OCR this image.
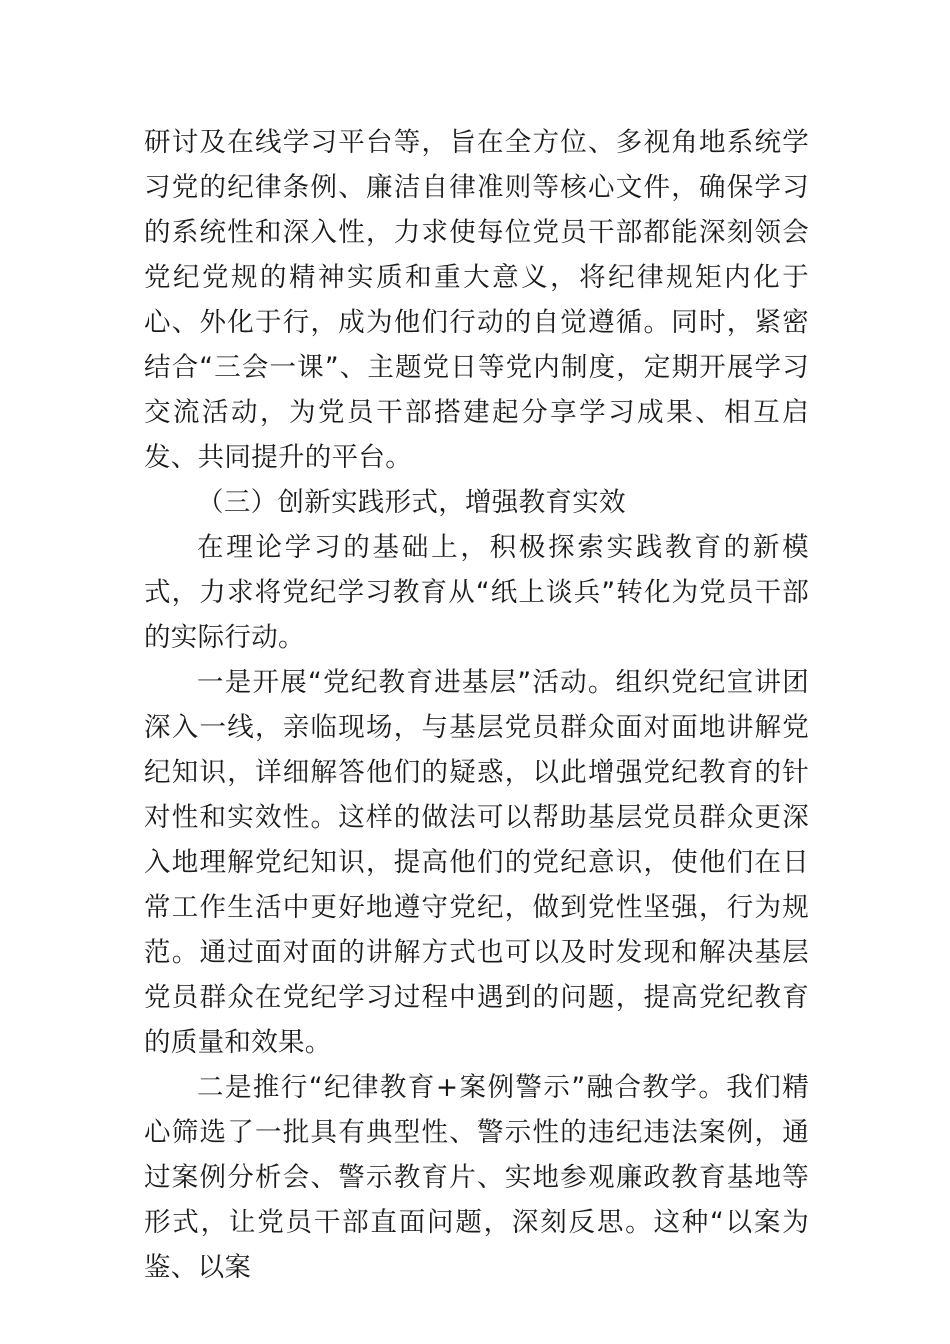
研讨及在线学习平台等，旨在全方位、多视角地系统学习党的纪律条例、廉洁自律准则等核心文件，确保学习的系统性和深入性，力求使每位党员干部都能深刻领会党纪党规的精神实质和重大意义，将纪律规矩内化于心、外化于行，成为他们行动的自觉遵循。同时，紧密结合“三会一课”、主题党日等党内制度，定期开展学习交流活动，为党员干部搭建起分享学习成果、相互启发、共同提升的平台。

（三）创新实践形式，增强教育实效

在理论学习的基础上，积极探索实践教育的新模式，力求将党纪学习教育从“纸上谈兵”转化为党员干部的实际行动。

一是开展“党纪教育进基层”活动。组织党纪宣讲团深入一线，亲临现场，与基层党员群众面对面地讲解党纪知识，详细解答他们的疑惑，以此增强党纪教育的针对性和实效性。这样的做法可以帮助基层党员群众更深入地理解党纪知识，提高他们的党纪意识，使他们在日常工作生活中更好地遵守党纪，做到党性坚强，行为规范。通过面对面的讲解方式也可以及时发现和解决基层党员群众在党纪学习过程中遇到的问题，提高党纪教育的质量和效果。

二是推行“纪律教育+案例警示”融合教学。我们精心筛选了一批具有典型性、警示性的违纪违法案例，通过案例分析会、警示教育片、实地参观廉政教育基地等形式，让党员干部直面问题，深刻反思。这种“以案为鉴、以案
